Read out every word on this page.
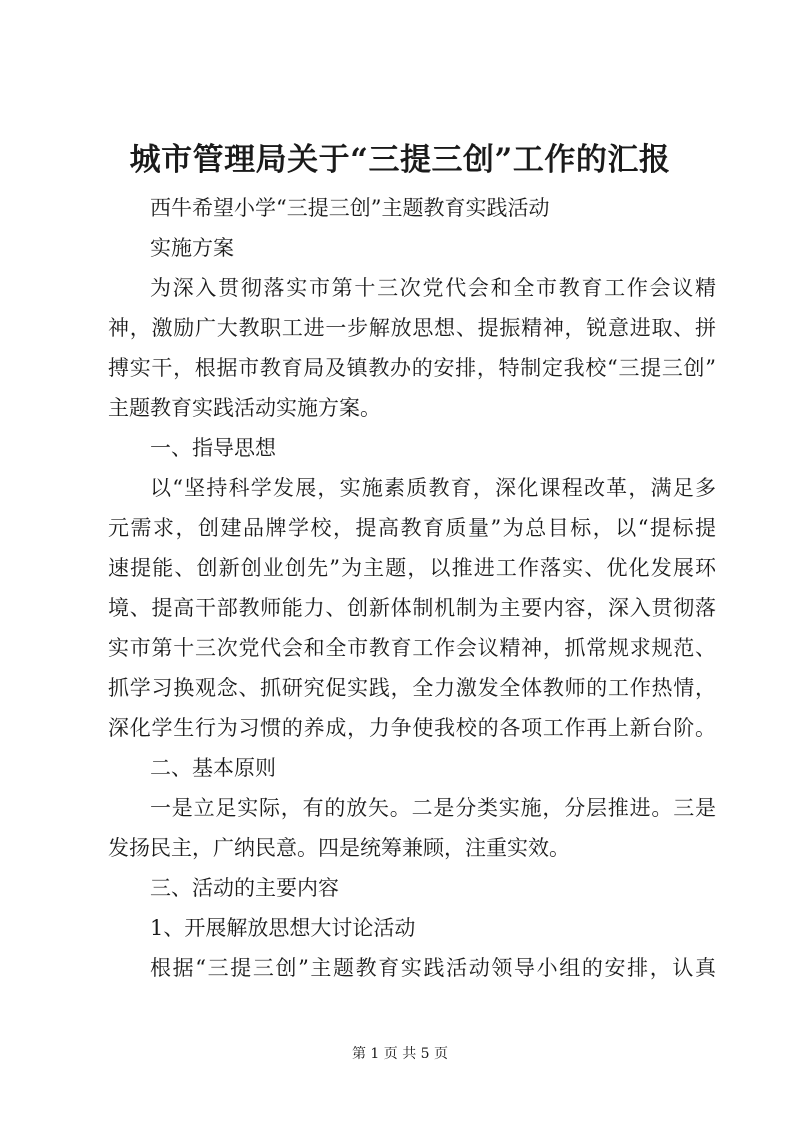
城市管理局关于“三提三创”工作的汇报

西牛希望小学“三提三创”主题教育实践活动

实施方案

为深入贯彻落实市第十三次党代会和全市教育工作会议精

神，激励广大教职工进一步解放思想、提振精神，锐意进取、拼

搏实干，根据市教育局及镇教办的安排，特制定我校“三提三创”

主题教育实践活动实施方案。

一、指导思想

以“坚持科学发展，实施素质教育，深化课程改革，满足多

元需求，创建品牌学校，提高教育质量”为总目标，以“提标提

速提能、创新创业创先”为主题，以推进工作落实、优化发展环

境、提高干部教师能力、创新体制机制为主要内容，深入贯彻落

实市第十三次党代会和全市教育工作会议精神，抓常规求规范、

抓学习换观念、抓研究促实践，全力激发全体教师的工作热情，

深化学生行为习惯的养成，力争使我校的各项工作再上新台阶。

二、基本原则

一是立足实际，有的放矢。二是分类实施，分层推进。三是

发扬民主，广纳民意。四是统筹兼顾，注重实效。

三、活动的主要内容

1、开展解放思想大讨论活动

根据“三提三创”主题教育实践活动领导小组的安排，认真

第 1 页 共 5 页
